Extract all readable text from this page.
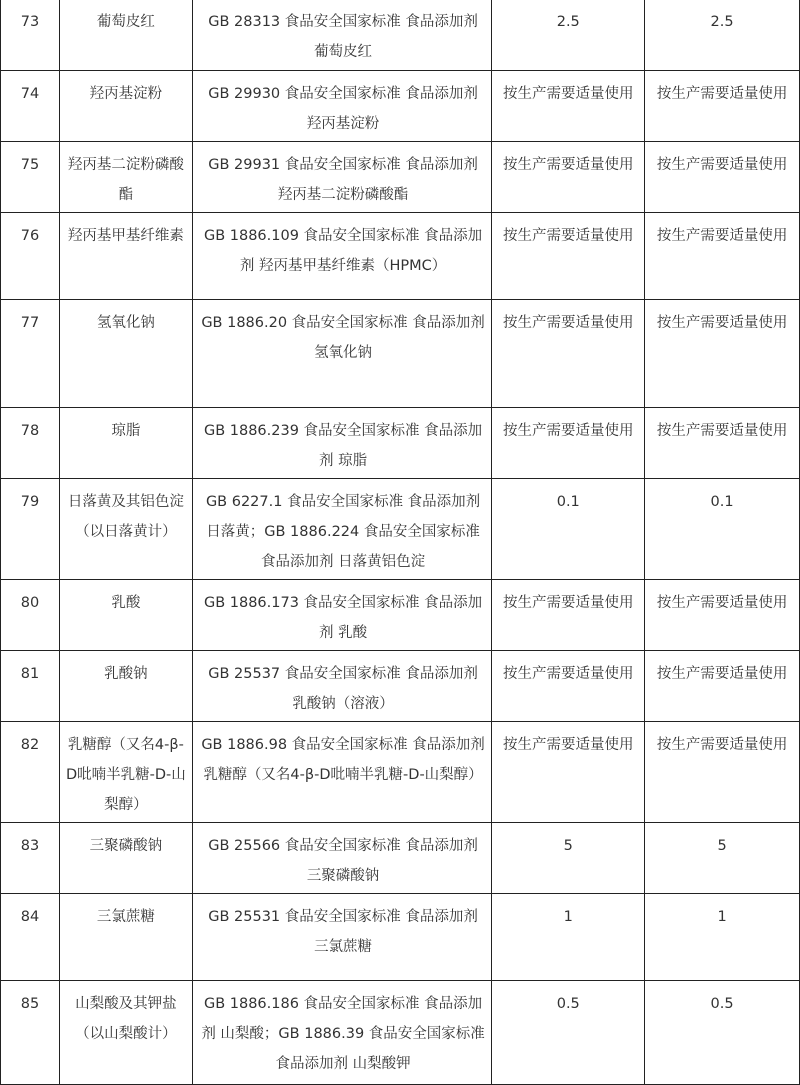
73	葡萄皮红	GB 28313 食品安全国家标准 食品添加剂 葡萄皮红	2.5	2.5
74	羟丙基淀粉	GB 29930 食品安全国家标准 食品添加剂 羟丙基淀粉	按生产需要适量使用	按生产需要适量使用
75	羟丙基二淀粉磷酸酯	GB 29931 食品安全国家标准 食品添加剂 羟丙基二淀粉磷酸酯	按生产需要适量使用	按生产需要适量使用
76	羟丙基甲基纤维素	GB 1886.109 食品安全国家标准 食品添加剂 羟丙基甲基纤维素（HPMC）	按生产需要适量使用	按生产需要适量使用
77	氢氧化钠	GB 1886.20 食品安全国家标准 食品添加剂 氢氧化钠	按生产需要适量使用	按生产需要适量使用
78	琼脂	GB 1886.239 食品安全国家标准 食品添加剂 琼脂	按生产需要适量使用	按生产需要适量使用
79	日落黄及其铝色淀（以日落黄计）	GB 6227.1 食品安全国家标准 食品添加剂 日落黄；GB 1886.224 食品安全国家标准 食品添加剂 日落黄铝色淀	0.1	0.1
80	乳酸	GB 1886.173 食品安全国家标准 食品添加剂 乳酸	按生产需要适量使用	按生产需要适量使用
81	乳酸钠	GB 25537 食品安全国家标准 食品添加剂 乳酸钠（溶液）	按生产需要适量使用	按生产需要适量使用
82	乳糖醇（又名4-β-D吡喃半乳糖-D-山梨醇）	GB 1886.98 食品安全国家标准 食品添加剂 乳糖醇（又名4-β-D吡喃半乳糖-D-山梨醇）	按生产需要适量使用	按生产需要适量使用
83	三聚磷酸钠	GB 25566 食品安全国家标准 食品添加剂 三聚磷酸钠	5	5
84	三氯蔗糖	GB 25531 食品安全国家标准 食品添加剂 三氯蔗糖	1	1
85	山梨酸及其钾盐（以山梨酸计）	GB 1886.186 食品安全国家标准 食品添加剂 山梨酸；GB 1886.39 食品安全国家标准 食品添加剂 山梨酸钾	0.5	0.5
